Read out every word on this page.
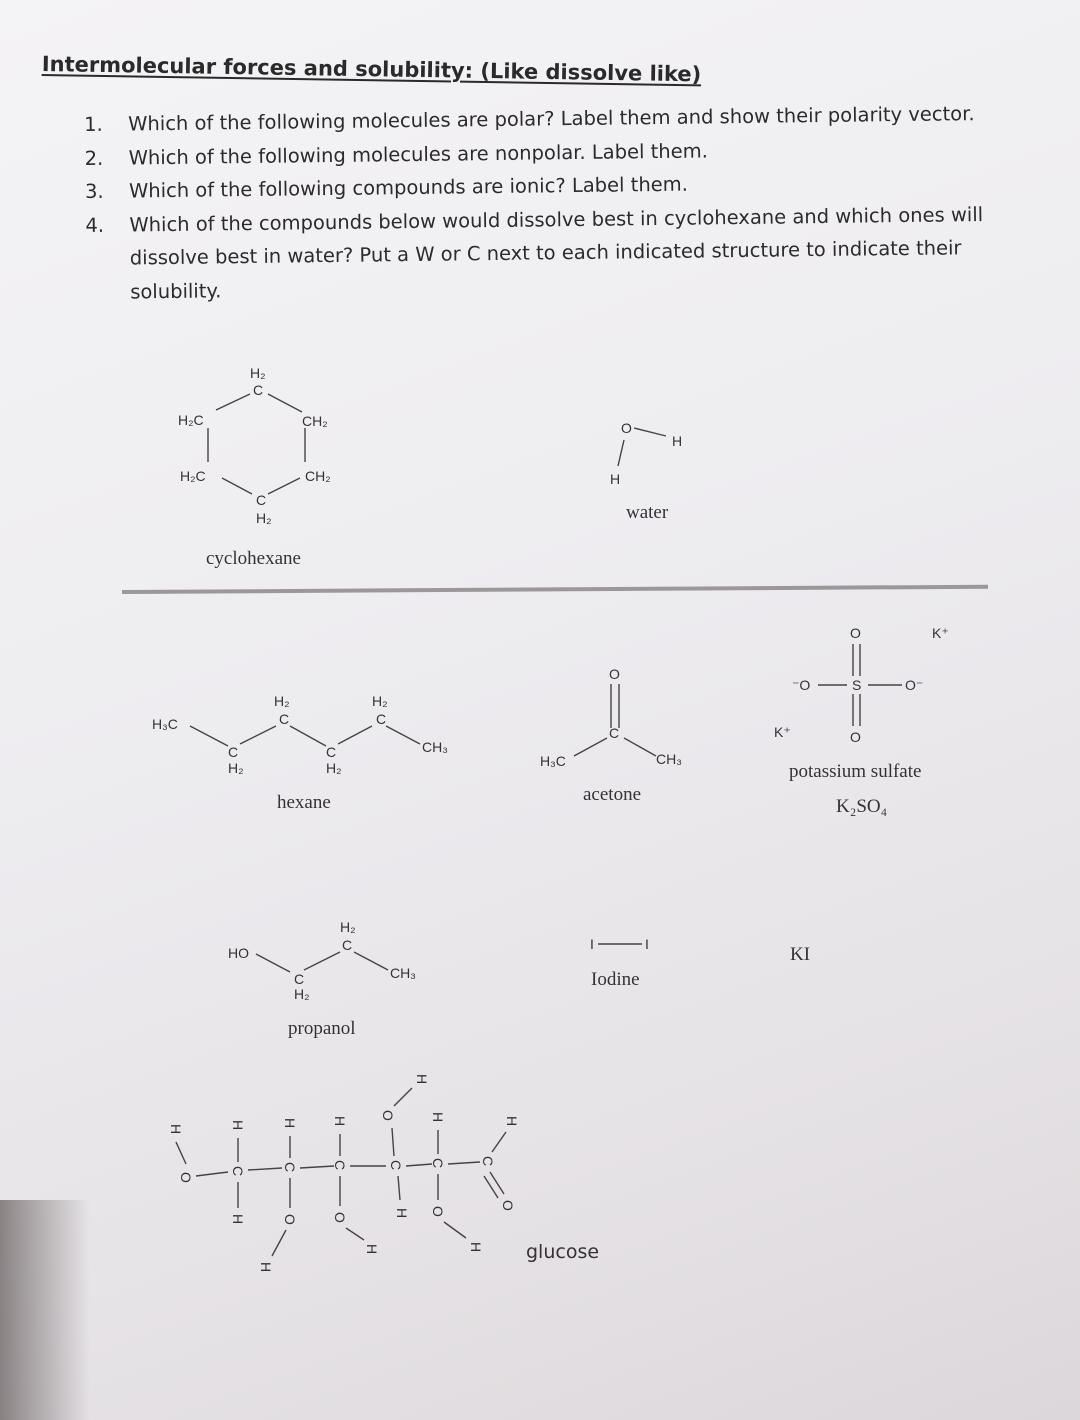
Intermolecular forces and solubility: (Like dissolve like)
1.	Which of the following molecules are polar? Label them and show their polarity vector.
2.	Which of the following molecules are nonpolar. Label them.
3.	Which of the following compounds are ionic? Label them.
4.	Which of the compounds below would dissolve best in cyclohexane and which ones will dissolve best in water? Put a W or C next to each indicated structure to indicate their solubility.
H₂
C
H₂C	CH₂
H₂C	CH₂
C
H₂
cyclohexane
O
H
H
water
H₃C
H₂
C
C
H₂
H₂
C
C
H₂
CH₃
hexane
O
C
H₃C	CH₃
acetone
O
S
⁻O	O⁻
O
K⁺
K⁺
potassium sulfate
K₂SO₄
HO
H₂
C
C
H₂
CH₃
propanol
I	I
Iodine
KI
H
O
H
C
H
H
C
O
H
H
C
O
H
O
H
C
H
H
C
O
H
C
H
O
glucose
